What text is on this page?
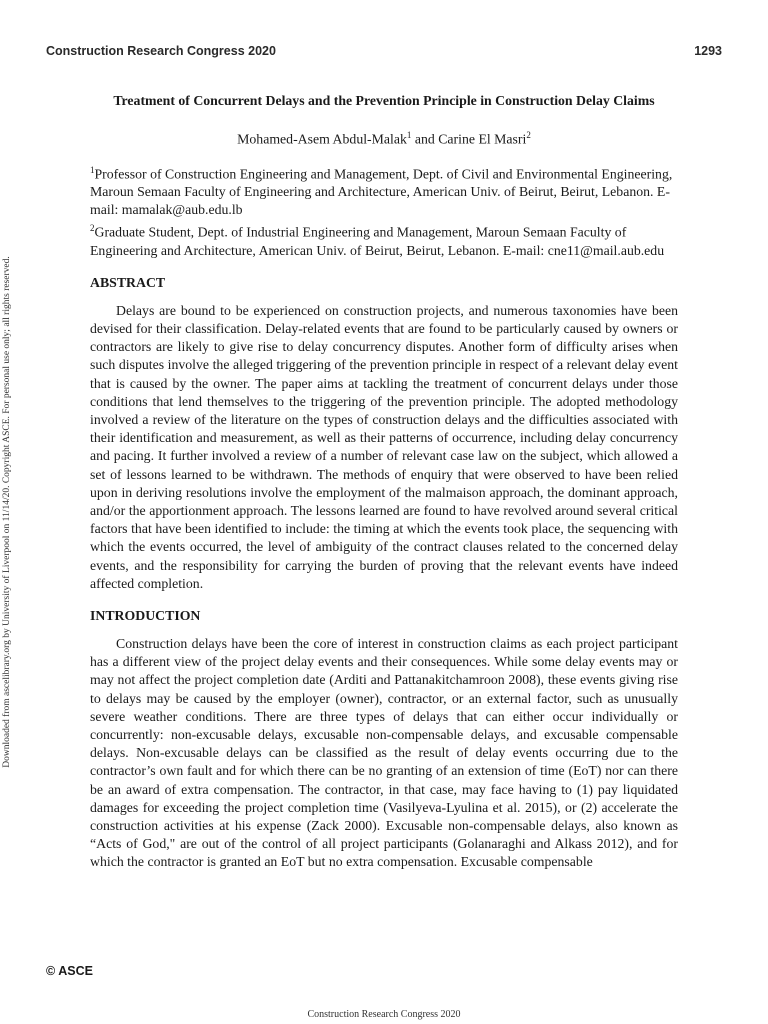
Construction Research Congress 2020	1293
Downloaded from ascelibrary.org by University of Liverpool on 11/14/20. Copyright ASCE. For personal use only; all rights reserved.
Treatment of Concurrent Delays and the Prevention Principle in Construction Delay Claims
Mohamed-Asem Abdul-Malak$^1$ and Carine El Masri$^2$
$^1$Professor of Construction Engineering and Management, Dept. of Civil and Environmental Engineering, Maroun Semaan Faculty of Engineering and Architecture, American Univ. of Beirut, Beirut, Lebanon. E-mail: mamalak@aub.edu.lb
$^2$Graduate Student, Dept. of Industrial Engineering and Management, Maroun Semaan Faculty of Engineering and Architecture, American Univ. of Beirut, Beirut, Lebanon. E-mail: cne11@mail.aub.edu
ABSTRACT

Delays are bound to be experienced on construction projects, and numerous taxonomies have been devised for their classification. Delay-related events that are found to be particularly caused by owners or contractors are likely to give rise to delay concurrency disputes. Another form of difficulty arises when such disputes involve the alleged triggering of the prevention principle in respect of a relevant delay event that is caused by the owner. The paper aims at tackling the treatment of concurrent delays under those conditions that lend themselves to the triggering of the prevention principle. The adopted methodology involved a review of the literature on the types of construction delays and the difficulties associated with their identification and measurement, as well as their patterns of occurrence, including delay concurrency and pacing. It further involved a review of a number of relevant case law on the subject, which allowed a set of lessons learned to be withdrawn. The methods of enquiry that were observed to have been relied upon in deriving resolutions involve the employment of the malmaison approach, the dominant approach, and/or the apportionment approach. The lessons learned are found to have revolved around several critical factors that have been identified to include: the timing at which the events took place, the sequencing with which the events occurred, the level of ambiguity of the contract clauses related to the concerned delay events, and the responsibility for carrying the burden of proving that the relevant events have indeed affected completion.

INTRODUCTION

Construction delays have been the core of interest in construction claims as each project participant has a different view of the project delay events and their consequences. While some delay events may or may not affect the project completion date (Arditi and Pattanakitchamroon 2008), these events giving rise to delays may be caused by the employer (owner), contractor, or an external factor, such as unusually severe weather conditions. There are three types of delays that can either occur individually or concurrently: non-excusable delays, excusable non-compensable delays, and excusable compensable delays. Non-excusable delays can be classified as the result of delay events occurring due to the contractor’s own fault and for which there can be no granting of an extension of time (EoT) nor can there be an award of extra compensation. The contractor, in that case, may face having to (1) pay liquidated damages for exceeding the project completion time (Vasilyeva-Lyulina et al. 2015), or (2) accelerate the construction activities at his expense (Zack 2000). Excusable non-compensable delays, also known as “Acts of God," are out of the control of all project participants (Golanaraghi and Alkass 2012), and for which the contractor is granted an EoT but no extra compensation. Excusable compensable

© ASCE
Construction Research Congress 2020
